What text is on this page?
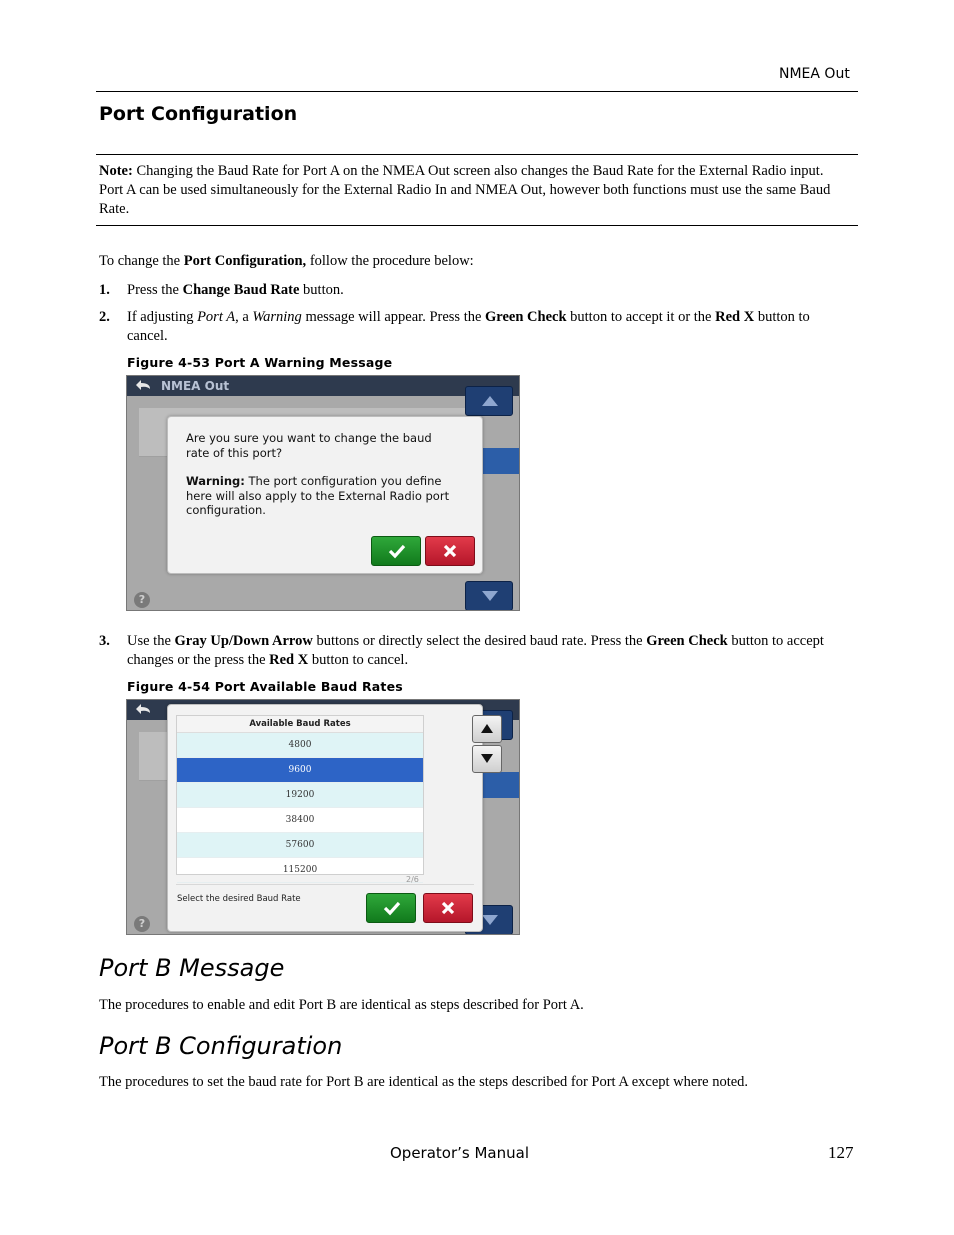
NMEA Out
Port Configuration
Note: Changing the Baud Rate for Port A on the NMEA Out screen also changes the Baud Rate for the External Radio input.
Port A can be used simultaneously for the External Radio In and NMEA Out, however both functions must use the same Baud
Rate.
To change the Port Configuration, follow the procedure below:
1. Press the Change Baud Rate button.
2. If adjusting Port A, a Warning message will appear. Press the Green Check button to accept it or the Red X button to
cancel.
Figure 4-53 Port A Warning Message
NMEA Out
?
Are you sure you want to change the baud
rate of this port?
Warning: The port configuration you define
here will also apply to the External Radio port
configuration.
3. Use the Gray Up/Down Arrow buttons or directly select the desired baud rate. Press the Green Check button to accept
changes or the press the Red X button to cancel.
Figure 4-54 Port Available Baud Rates
?
Available Baud Rates
4800
9600
19200
38400
57600
115200
2/6
Select the desired Baud Rate
Port B Message
The procedures to enable and edit Port B are identical as steps described for Port A.
Port B Configuration
The procedures to set the baud rate for Port B are identical as the steps described for Port A except where noted.
Operator’s Manual	127
